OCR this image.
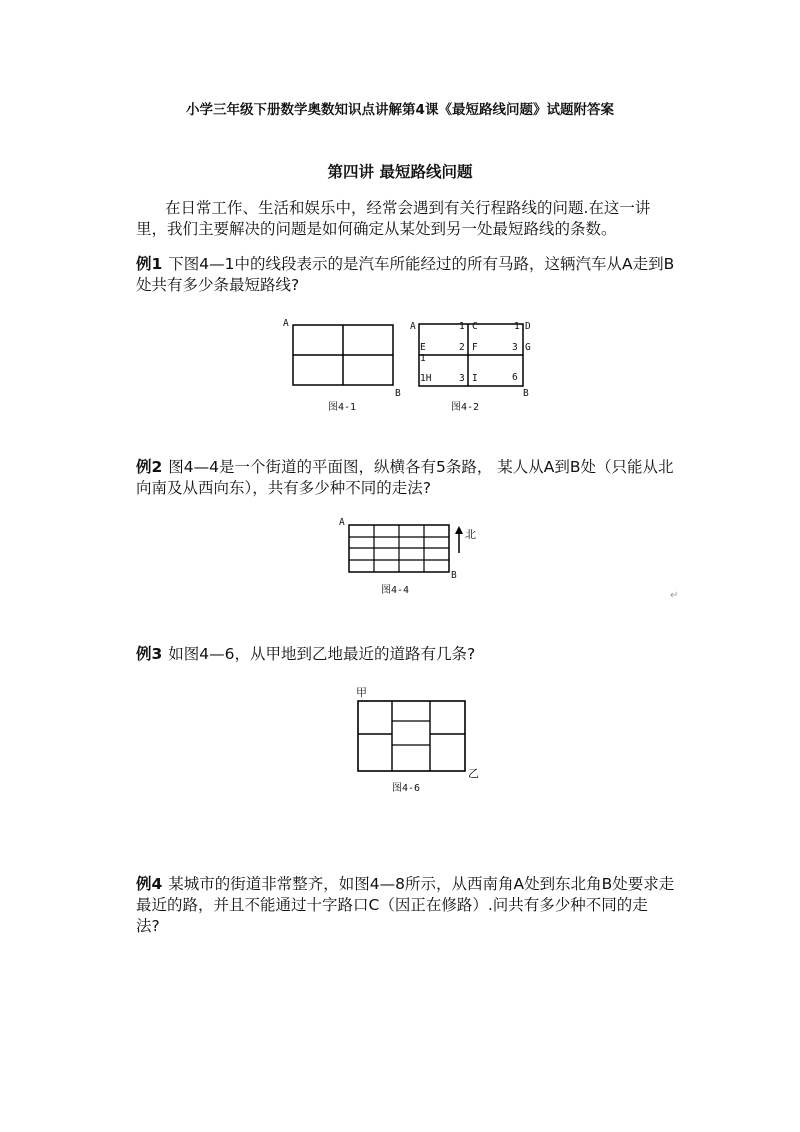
小学三年级下册数学奥数知识点讲解第4课《最短路线问题》试题附答案
第四讲 最短路线问题
在日常工作、生活和娱乐中，经常会遇到有关行程路线的问题.在这一讲
里，我们主要解决的问题是如何确定从某处到另一处最短路线的条数。
例1 下图4—1中的线段表示的是汽车所能经过的所有马路，这辆汽车从A走到B
处共有多少条最短路线?
A
B
图4-1
A	1 C	1 D
E	2 F	3 G
1
1H	3 I	6
B
图4-2
例2 图4—4是一个街道的平面图，纵横各有5条路， 某人从A到B处（只能从北
向南及从西向东），共有多少种不同的走法?
A
B
北
图4-4	↵
例3 如图4—6，从甲地到乙地最近的道路有几条?
甲
乙
图4-6
例4 某城市的街道非常整齐，如图4—8所示，从西南角A处到东北角B处要求走
最近的路，并且不能通过十字路口C（因正在修路）.问共有多少种不同的走
法?
